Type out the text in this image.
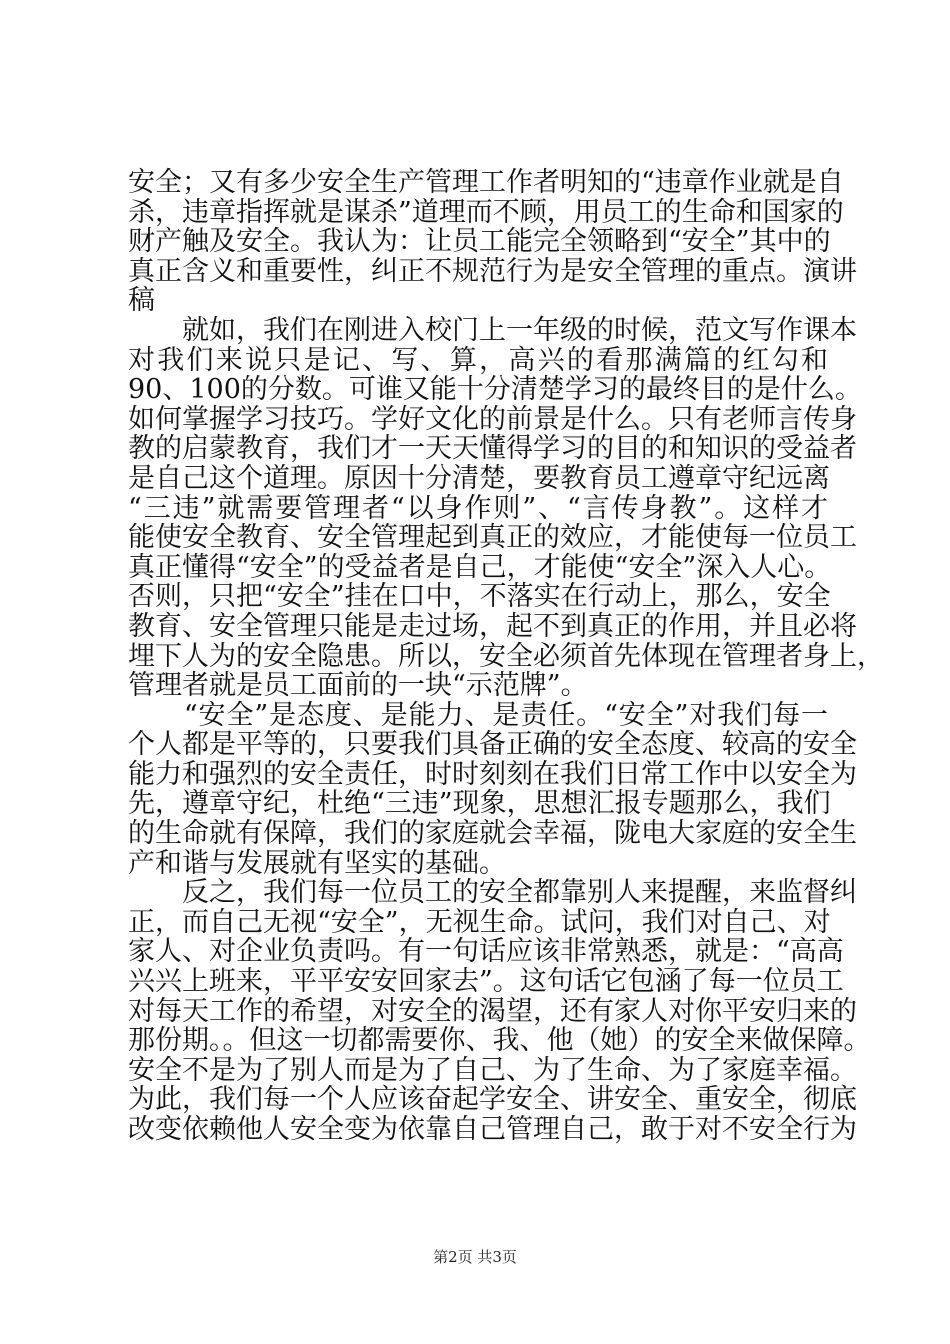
安全；又有多少安全生产管理工作者明知的“违章作业就是自
杀，违章指挥就是谋杀”道理而不顾，用员工的生命和国家的
财产触及安全。我认为：让员工能完全领略到“安全”其中的
真正含义和重要性，纠正不规范行为是安全管理的重点。演讲
稿
　　就如，我们在刚进入校门上一年级的时候，范文写作课本
对我们来说只是记、写、算，高兴的看那满篇的红勾和
90、100的分数。可谁又能十分清楚学习的最终目的是什么。
如何掌握学习技巧。学好文化的前景是什么。只有老师言传身
教的启蒙教育，我们才一天天懂得学习的目的和知识的受益者
是自己这个道理。原因十分清楚，要教育员工遵章守纪远离
“三违”就需要管理者“以身作则”、“言传身教”。这样才
能使安全教育、安全管理起到真正的效应，才能使每一位员工
真正懂得“安全”的受益者是自己，才能使“安全”深入人心。
否则，只把“安全”挂在口中，不落实在行动上，那么，安全
教育、安全管理只能是走过场，起不到真正的作用，并且必将
埋下人为的安全隐患。所以，安全必须首先体现在管理者身上，
管理者就是员工面前的一块“示范牌”。
　　“安全”是态度、是能力、是责任。“安全”对我们每一
个人都是平等的，只要我们具备正确的安全态度、较高的安全
能力和强烈的安全责任，时时刻刻在我们日常工作中以安全为
先，遵章守纪，杜绝“三违”现象，思想汇报专题那么，我们
的生命就有保障，我们的家庭就会幸福，陇电大家庭的安全生
产和谐与发展就有坚实的基础。
　　反之，我们每一位员工的安全都靠别人来提醒，来监督纠
正，而自己无视“安全”，无视生命。试问，我们对自己、对
家人、对企业负责吗。有一句话应该非常熟悉，就是：“高高
兴兴上班来，平平安安回家去”。这句话它包涵了每一位员工
对每天工作的希望，对安全的渴望，还有家人对你平安归来的
那份期。。但这一切都需要你、我、他（她）的安全来做保障。
安全不是为了别人而是为了自己、为了生命、为了家庭幸福。
为此，我们每一个人应该奋起学安全、讲安全、重安全，彻底
改变依赖他人安全变为依靠自己管理自己，敢于对不安全行为
第2页 共3页
